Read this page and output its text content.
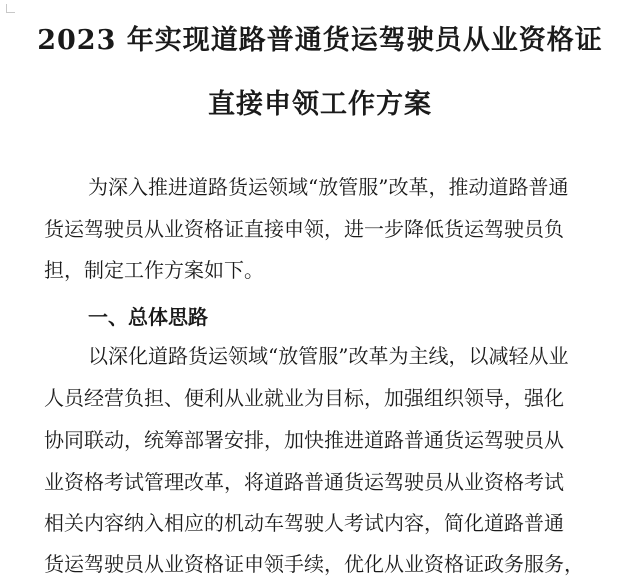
2023 年实现道路普通货运驾驶员从业资格证
直接申领工作方案
为深入推进道路货运领域“放管服”改革，推动道路普通
货运驾驶员从业资格证直接申领，进一步降低货运驾驶员负
担，制定工作方案如下。
一、总体思路
以深化道路货运领域“放管服”改革为主线，以减轻从业
人员经营负担、便利从业就业为目标，加强组织领导，强化
协同联动，统筹部署安排，加快推进道路普通货运驾驶员从
业资格考试管理改革，将道路普通货运驾驶员从业资格考试
相关内容纳入相应的机动车驾驶人考试内容，简化道路普通
货运驾驶员从业资格证申领手续，优化从业资格证政务服务，
